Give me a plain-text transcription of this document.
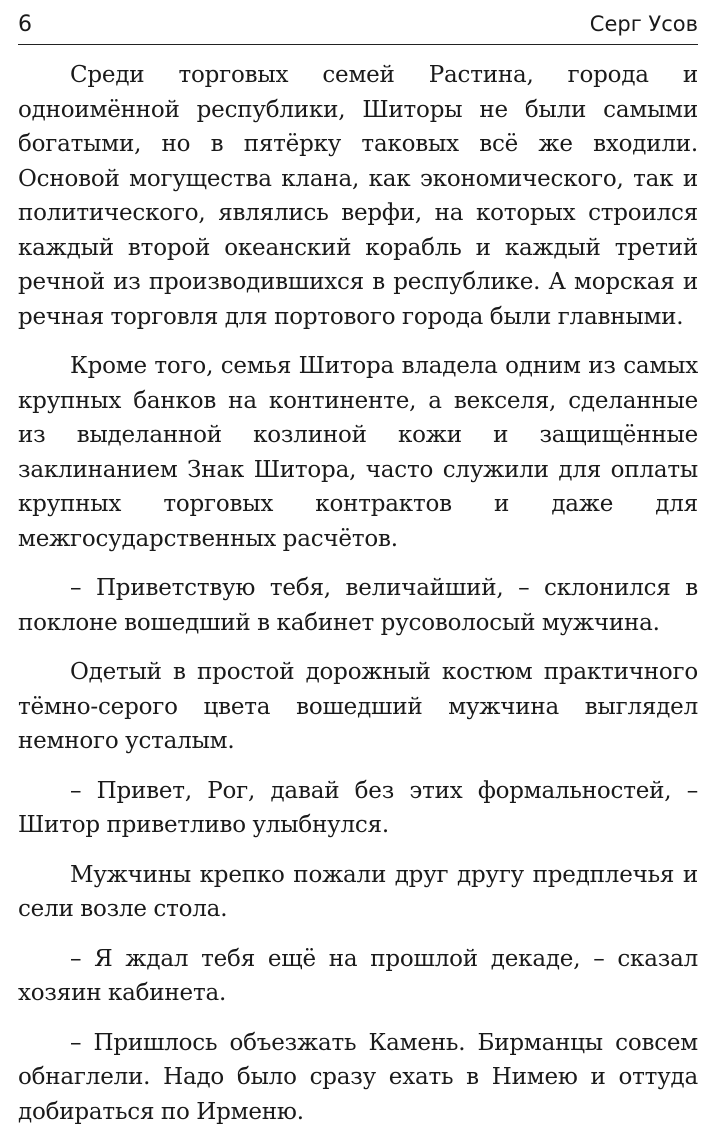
6	Серг Усов

Среди торговых семей Растина, города и одноимённой республики, Шиторы не были самыми богатыми, но в пятёрку таковых всё же входили. Основой могущества клана, как экономического, так и политического, являлись верфи, на которых строился каждый второй океанский корабль и каждый третий речной из производившихся в республике. А морская и речная торговля для портового города были главными.

Кроме того, семья Шитора владела одним из самых крупных банков на континенте, а векселя, сделанные из выделанной козлиной кожи и защищённые заклинанием Знак Шитора, часто служили для оплаты крупных торговых контрактов и даже для межгосударственных расчётов.

– Приветствую тебя, величайший, – склонился в поклоне вошедший в кабинет русоволосый мужчина.

Одетый в простой дорожный костюм практичного тёмно-серого цвета вошедший мужчина выглядел немного усталым.

– Привет, Рог, давай без этих формальностей, – Шитор приветливо улыбнулся.

Мужчины крепко пожали друг другу предплечья и сели возле стола.

– Я ждал тебя ещё на прошлой декаде, – сказал хозяин кабинета.

– Пришлось объезжать Камень. Бирманцы совсем обнаглели. Надо было сразу ехать в Нимею и оттуда добираться по Ирменю.
